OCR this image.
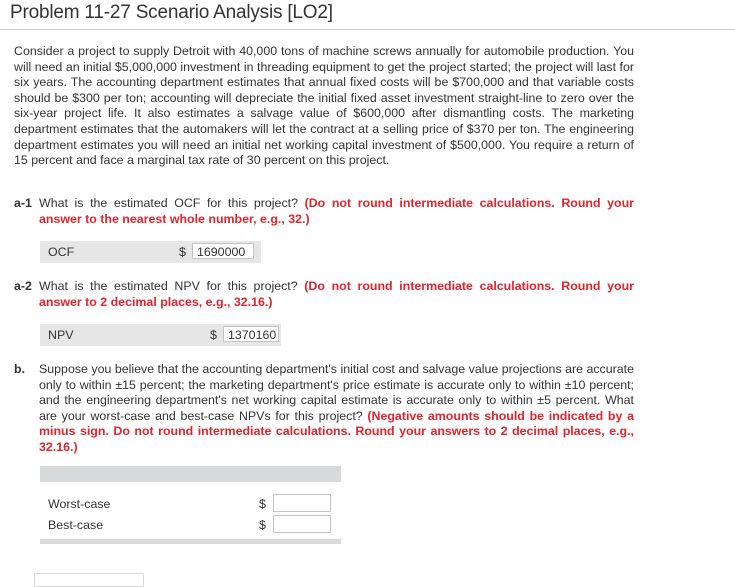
Problem 11-27 Scenario Analysis [LO2]

Consider a project to supply Detroit with 40,000 tons of machine screws annually for automobile production. You will need an initial $5,000,000 investment in threading equipment to get the project started; the project will last for six years. The accounting department estimates that annual fixed costs will be $700,000 and that variable costs should be $300 per ton; accounting will depreciate the initial fixed asset investment straight-line to zero over the six-year project life. It also estimates a salvage value of $600,000 after dismantling costs. The marketing department estimates that the automakers will let the contract at a selling price of $370 per ton. The engineering department estimates you will need an initial net working capital investment of $500,000. You require a return of 15 percent and face a marginal tax rate of 30 percent on this project.

a-1 What is the estimated OCF for this project? (Do not round intermediate calculations. Round your answer to the nearest whole number, e.g., 32.)
OCF	$ 1690000
a-2 What is the estimated NPV for this project? (Do not round intermediate calculations. Round your answer to 2 decimal places, e.g., 32.16.)
NPV	$ 1370160
b. Suppose you believe that the accounting department's initial cost and salvage value projections are accurate only to within ±15 percent; the marketing department's price estimate is accurate only to within ±10 percent; and the engineering department's net working capital estimate is accurate only to within ±5 percent. What are your worst-case and best-case NPVs for this project? (Negative amounts should be indicated by a minus sign. Do not round intermediate calculations. Round your answers to 2 decimal places, e.g., 32.16.)
Worst-case	$
Best-case	$
